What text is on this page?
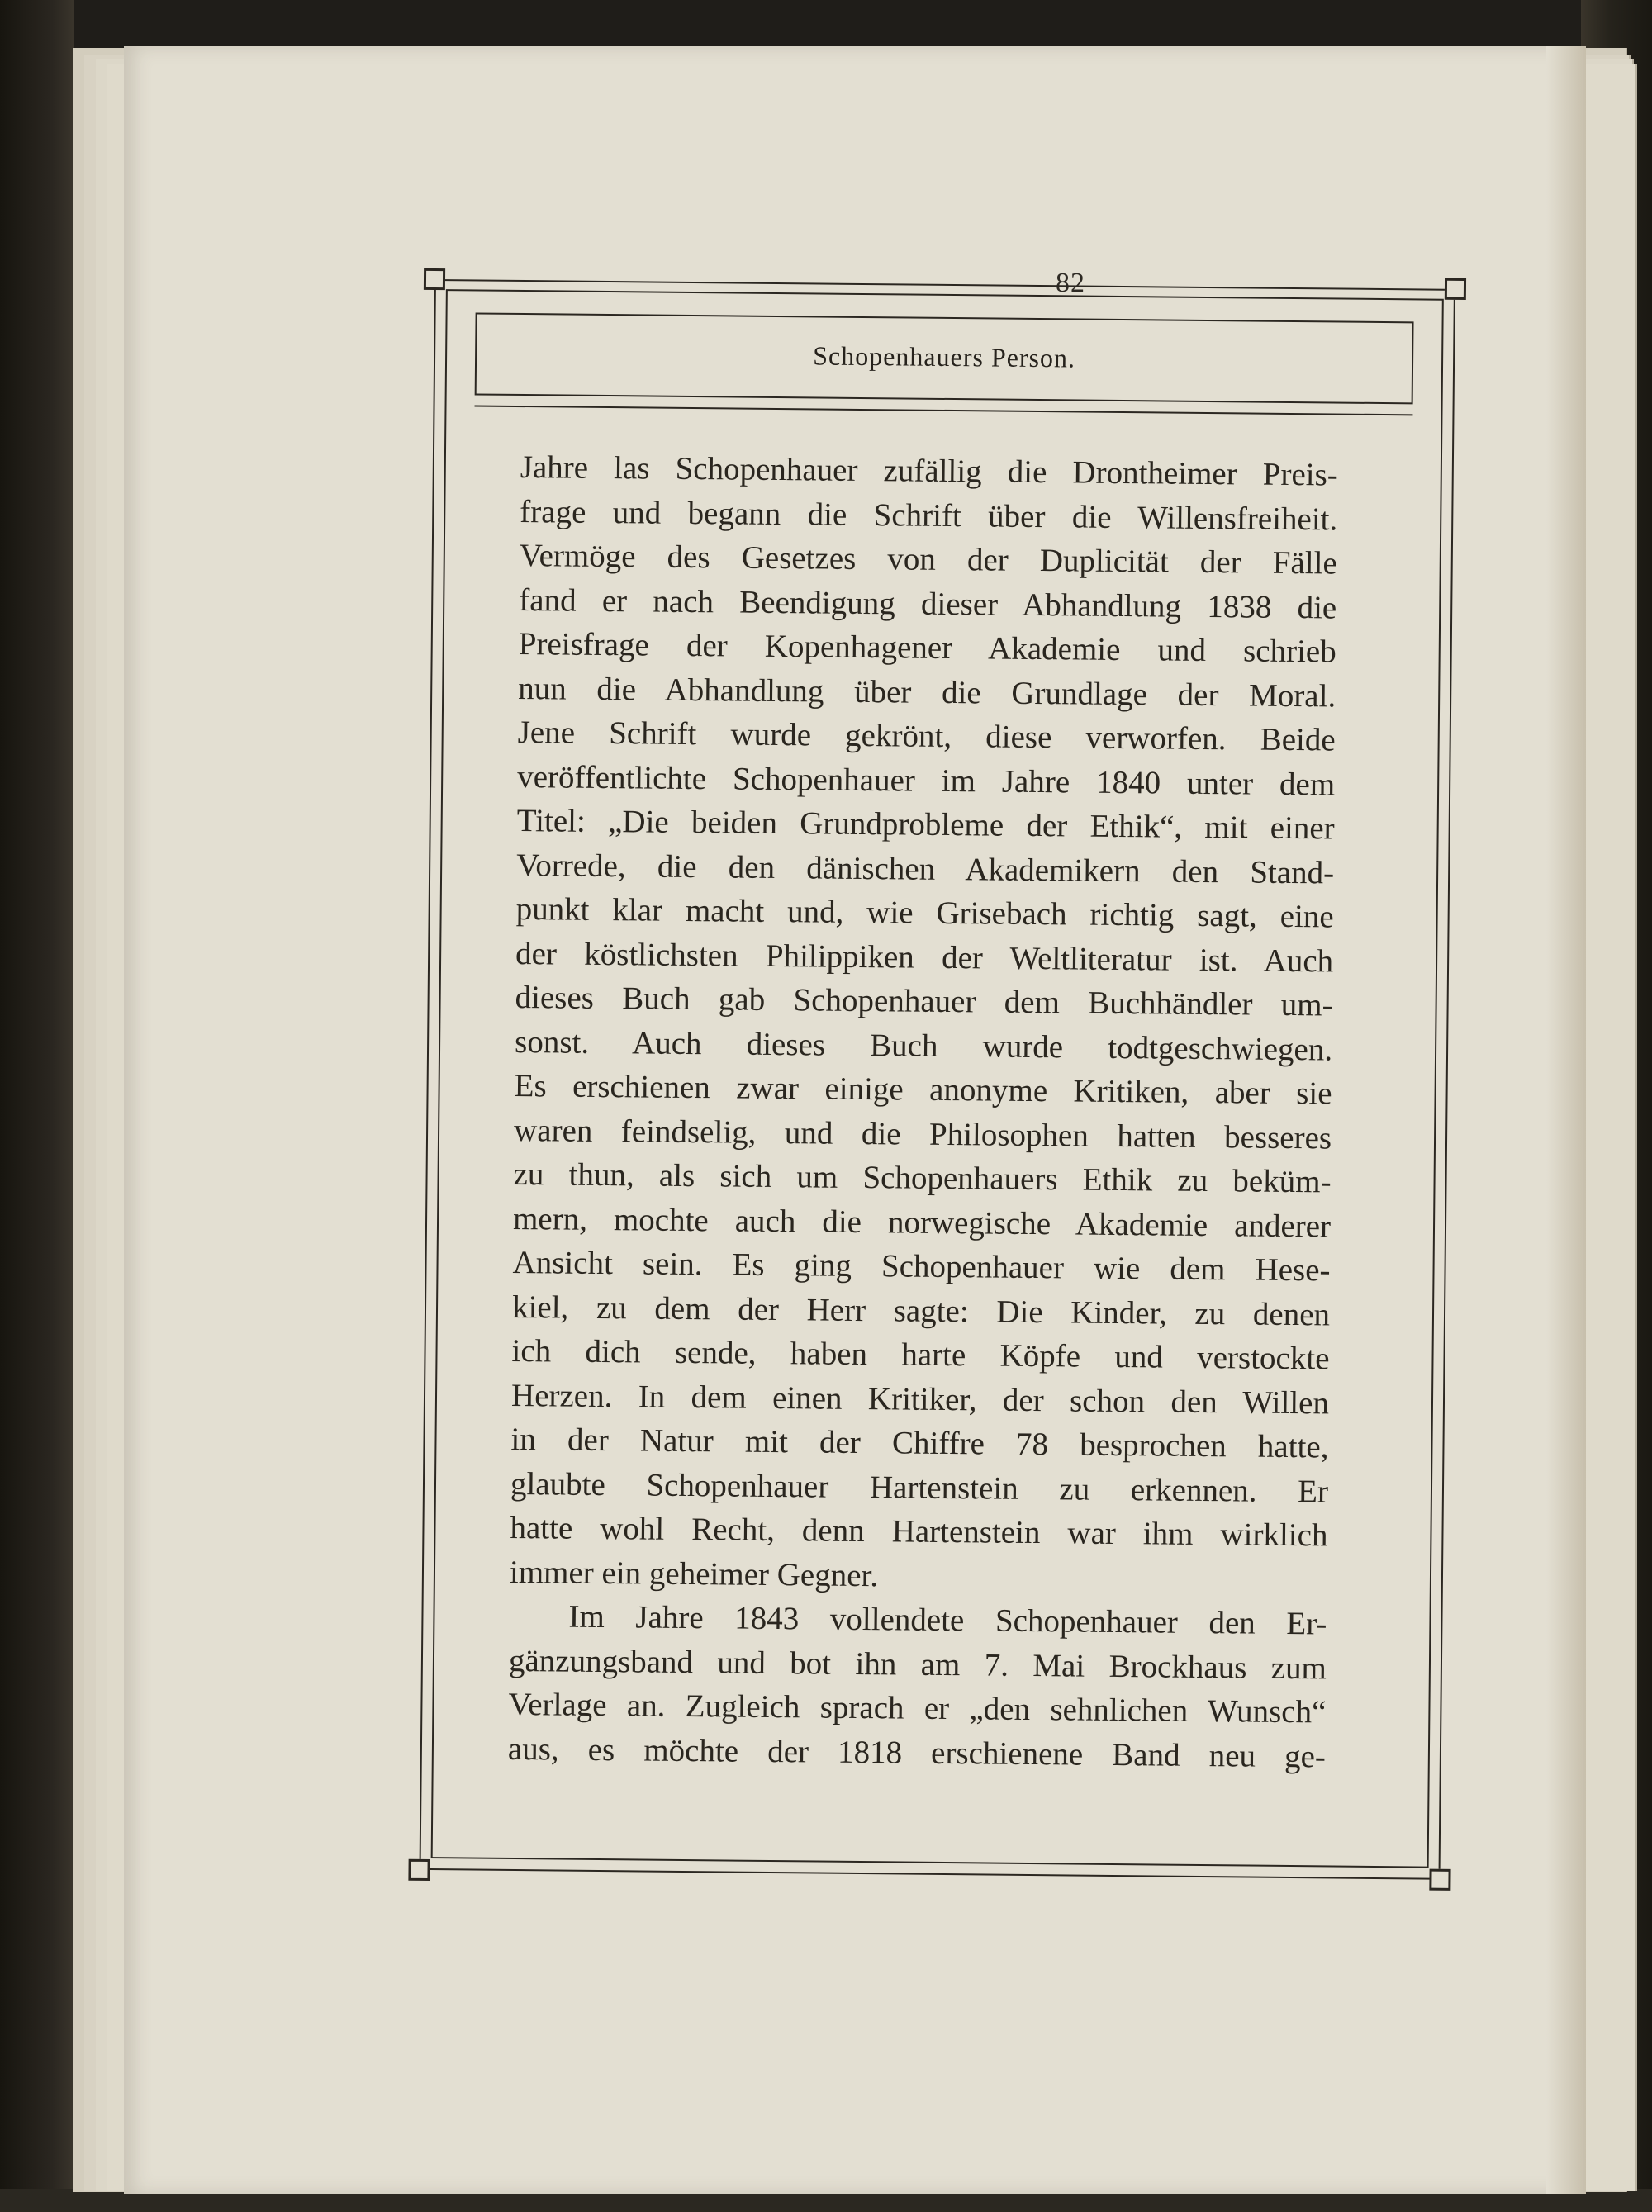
82
Schopenhauers Person.
Jahre las Schopenhauer zufällig die Drontheimer Preis-
frage und begann die Schrift über die Willensfreiheit.
Vermöge des Gesetzes von der Duplicität der Fälle
fand er nach Beendigung dieser Abhandlung 1838 die
Preisfrage der Kopenhagener Akademie und schrieb
nun die Abhandlung über die Grundlage der Moral.
Jene Schrift wurde gekrönt, diese verworfen. Beide
veröffentlichte Schopenhauer im Jahre 1840 unter dem
Titel: „Die beiden Grundprobleme der Ethik“, mit einer
Vorrede, die den dänischen Akademikern den Stand-
punkt klar macht und, wie Grisebach richtig sagt, eine
der köstlichsten Philippiken der Weltliteratur ist. Auch
dieses Buch gab Schopenhauer dem Buchhändler um-
sonst. Auch dieses Buch wurde todtgeschwiegen.
Es erschienen zwar einige anonyme Kritiken, aber sie
waren feindselig, und die Philosophen hatten besseres
zu thun, als sich um Schopenhauers Ethik zu beküm-
mern, mochte auch die norwegische Akademie anderer
Ansicht sein. Es ging Schopenhauer wie dem Hese-
kiel, zu dem der Herr sagte: Die Kinder, zu denen
ich dich sende, haben harte Köpfe und verstockte
Herzen. In dem einen Kritiker, der schon den Willen
in der Natur mit der Chiffre 78 besprochen hatte,
glaubte Schopenhauer Hartenstein zu erkennen. Er
hatte wohl Recht, denn Hartenstein war ihm wirklich
immer ein geheimer Gegner.
Im Jahre 1843 vollendete Schopenhauer den Er-
gänzungsband und bot ihn am 7. Mai Brockhaus zum
Verlage an. Zugleich sprach er „den sehnlichen Wunsch“
aus, es möchte der 1818 erschienene Band neu ge-
